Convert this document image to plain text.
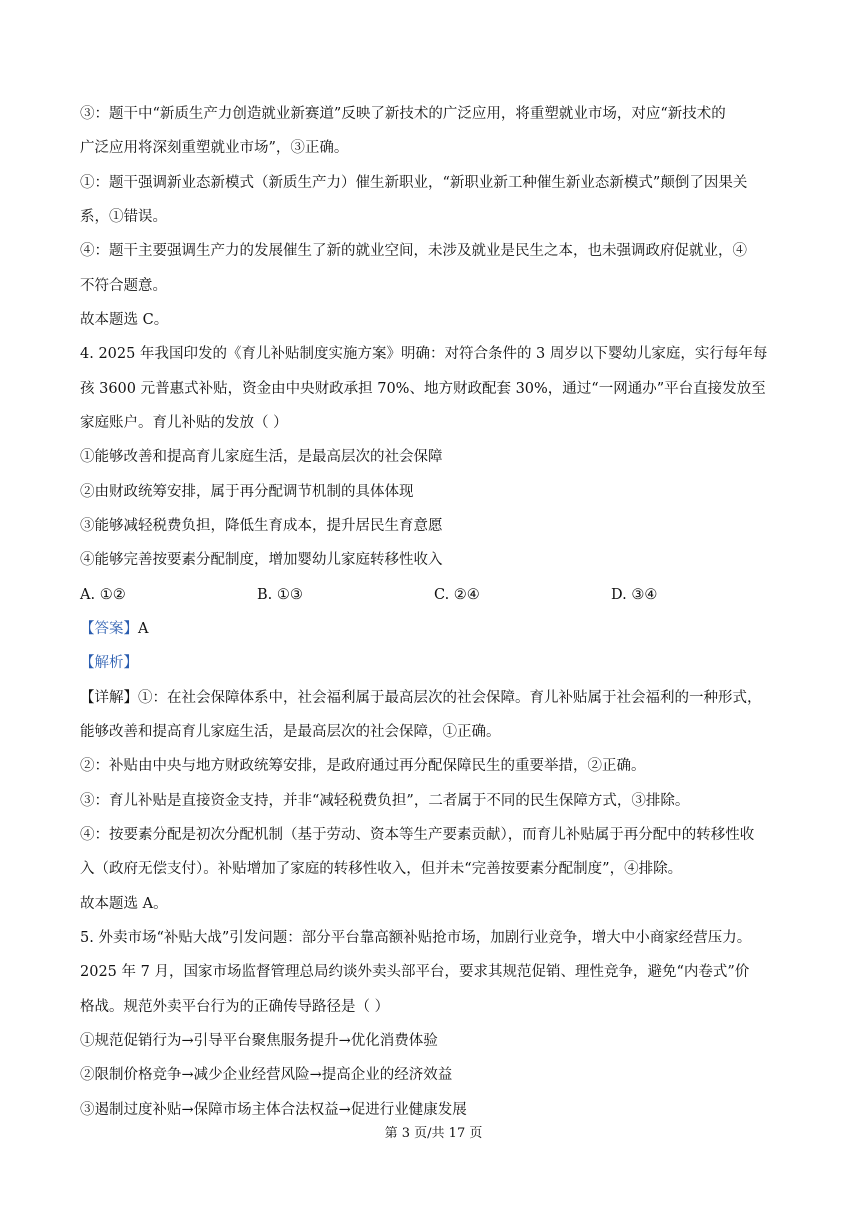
③：题干中“新质生产力创造就业新赛道”反映了新技术的广泛应用，将重塑就业市场，对应“新技术的
广泛应用将深刻重塑就业市场”，③正确。
①：题干强调新业态新模式（新质生产力）催生新职业，“新职业新工种催生新业态新模式”颠倒了因果关
系，①错误。
④：题干主要强调生产力的发展催生了新的就业空间，未涉及就业是民生之本，也未强调政府促就业，④
不符合题意。
故本题选 C。
4. 2025 年我国印发的《育儿补贴制度实施方案》明确：对符合条件的 3 周岁以下婴幼儿家庭，实行每年每
孩 3600 元普惠式补贴，资金由中央财政承担 70%、地方财政配套 30%，通过“一网通办”平台直接发放至
家庭账户。育儿补贴的发放（ ）
①能够改善和提高育儿家庭生活，是最高层次的社会保障
②由财政统筹安排，属于再分配调节机制的具体体现
③能够减轻税费负担，降低生育成本，提升居民生育意愿
④能够完善按要素分配制度，增加婴幼儿家庭转移性收入
A. ①②	B. ①③	C. ②④	D. ③④
【答案】A
【解析】
【详解】①：在社会保障体系中，社会福利属于最高层次的社会保障。育儿补贴属于社会福利的一种形式，
能够改善和提高育儿家庭生活，是最高层次的社会保障，①正确。
②：补贴由中央与地方财政统筹安排，是政府通过再分配保障民生的重要举措，②正确。
③：育儿补贴是直接资金支持，并非“减轻税费负担”，二者属于不同的民生保障方式，③排除。
④：按要素分配是初次分配机制（基于劳动、资本等生产要素贡献），而育儿补贴属于再分配中的转移性收
入（政府无偿支付）。补贴增加了家庭的转移性收入，但并未“完善按要素分配制度”，④排除。
故本题选 A。
5. 外卖市场“补贴大战”引发问题：部分平台靠高额补贴抢市场，加剧行业竞争，增大中小商家经营压力。
2025 年 7 月，国家市场监督管理总局约谈外卖头部平台，要求其规范促销、理性竞争，避免“内卷式”价
格战。规范外卖平台行为的正确传导路径是（ ）
①规范促销行为→引导平台聚焦服务提升→优化消费体验
②限制价格竞争→减少企业经营风险→提高企业的经济效益
③遏制过度补贴→保障市场主体合法权益→促进行业健康发展
第 3 页/共 17 页
